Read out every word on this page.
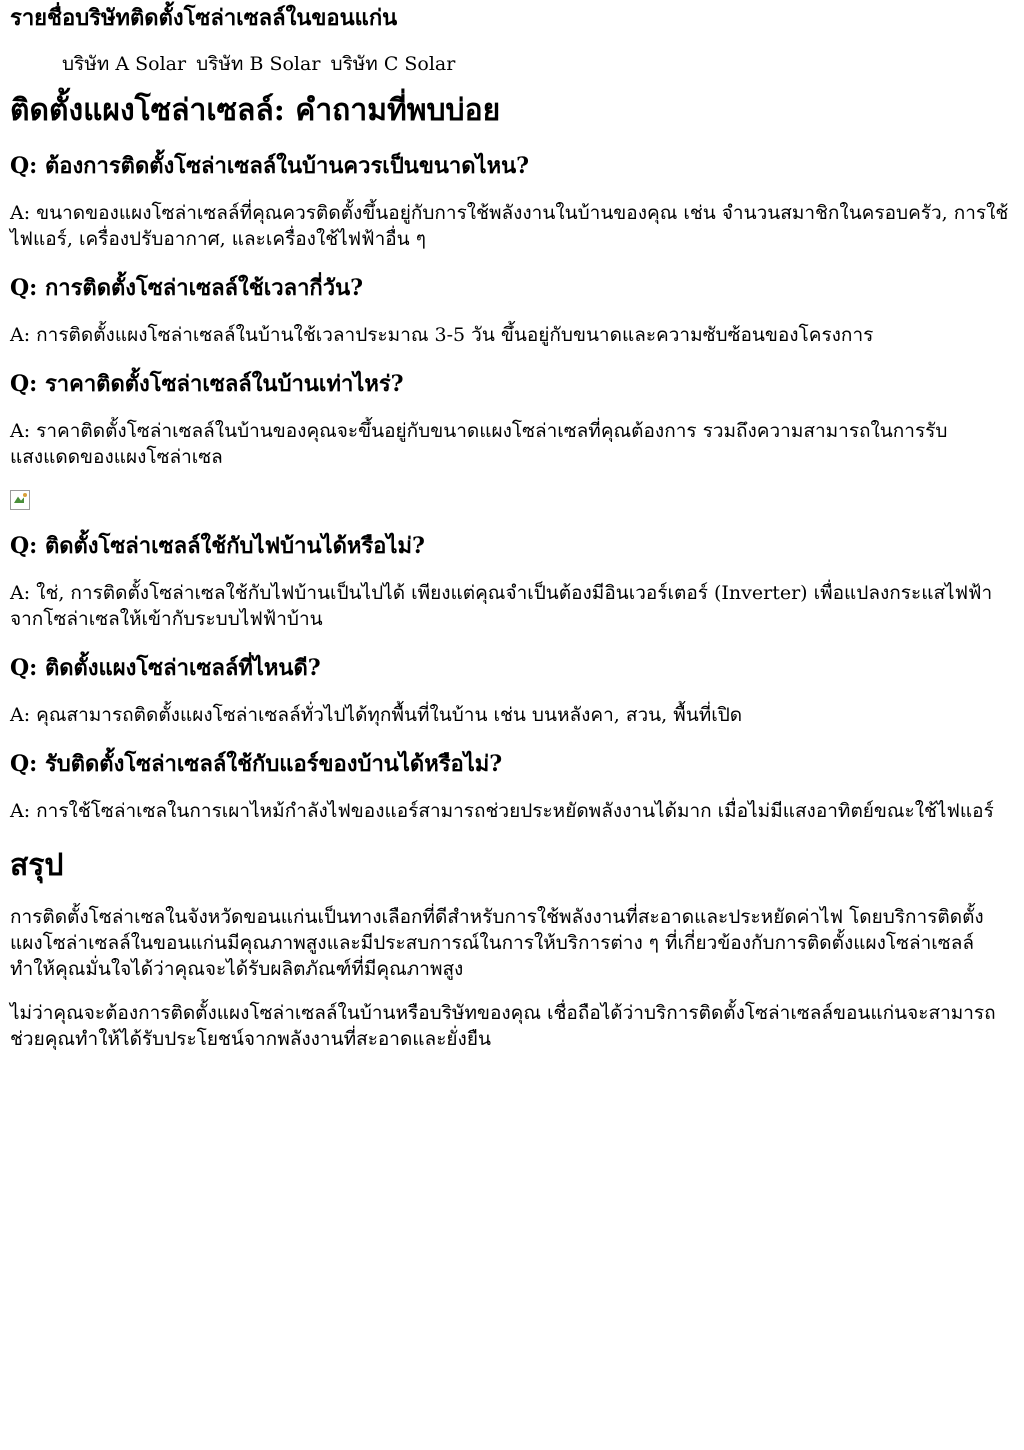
รายชื่อบริษัทติดตั้งโซล่าเซลล์ในขอนแก่น
บริษัท A Solar บริษัท B Solar บริษัท C Solar
ติดตั้งแผงโซล่าเซลล์: คำถามที่พบบ่อย
Q: ต้องการติดตั้งโซล่าเซลล์ในบ้านควรเป็นขนาดไหน?

A: ขนาดของแผงโซล่าเซลล์ที่คุณควรติดตั้งขึ้นอยู่กับการใช้พลังงานในบ้านของคุณ เช่น จำนวนสมาชิกในครอบครัว, การใช้ไฟแอร์, เครื่องปรับอากาศ, และเครื่องใช้ไฟฟ้าอื่น ๆ

Q: การติดตั้งโซล่าเซลล์ใช้เวลากี่วัน?

A: การติดตั้งแผงโซล่าเซลล์ในบ้านใช้เวลาประมาณ 3-5 วัน ขึ้นอยู่กับขนาดและความซับซ้อนของโครงการ

Q: ราคาติดตั้งโซล่าเซลล์ในบ้านเท่าไหร่?

A: ราคาติดตั้งโซล่าเซลล์ในบ้านของคุณจะขึ้นอยู่กับขนาดแผงโซล่าเซลที่คุณต้องการ รวมถึงความสามารถในการรับแสงแดดของแผงโซล่าเซล

Q: ติดตั้งโซล่าเซลล์ใช้กับไฟบ้านได้หรือไม่?

A: ใช่, การติดตั้งโซล่าเซลใช้กับไฟบ้านเป็นไปได้ เพียงแต่คุณจำเป็นต้องมีอินเวอร์เตอร์ (Inverter) เพื่อแปลงกระแสไฟฟ้าจากโซล่าเซลให้เข้ากับระบบไฟฟ้าบ้าน

Q: ติดตั้งแผงโซล่าเซลล์ที่ไหนดี?

A: คุณสามารถติดตั้งแผงโซล่าเซลล์ทั่วไปได้ทุกพื้นที่ในบ้าน เช่น บนหลังคา, สวน, พื้นที่เปิด

Q: รับติดตั้งโซล่าเซลล์ใช้กับแอร์ของบ้านได้หรือไม่?

A: การใช้โซล่าเซลในการเผาไหม้กำลังไฟของแอร์สามารถช่วยประหยัดพลังงานได้มาก เมื่อไม่มีแสงอาทิตย์ขณะใช้ไฟแอร์

สรุป

การติดตั้งโซล่าเซลในจังหวัดขอนแก่นเป็นทางเลือกที่ดีสำหรับการใช้พลังงานที่สะอาดและประหยัดค่าไฟ โดยบริการติดตั้งแผงโซล่าเซลล์ในขอนแก่นมีคุณภาพสูงและมีประสบการณ์ในการให้บริการต่าง ๆ ที่เกี่ยวข้องกับการติดตั้งแผงโซล่าเซลล์ทำให้คุณมั่นใจได้ว่าคุณจะได้รับผลิตภัณฑ์ที่มีคุณภาพสูง

ไม่ว่าคุณจะต้องการติดตั้งแผงโซล่าเซลล์ในบ้านหรือบริษัทของคุณ เชื่อถือได้ว่าบริการติดตั้งโซล่าเซลล์ขอนแก่นจะสามารถช่วยคุณทำให้ได้รับประโยชน์จากพลังงานที่สะอาดและยั่งยืน
